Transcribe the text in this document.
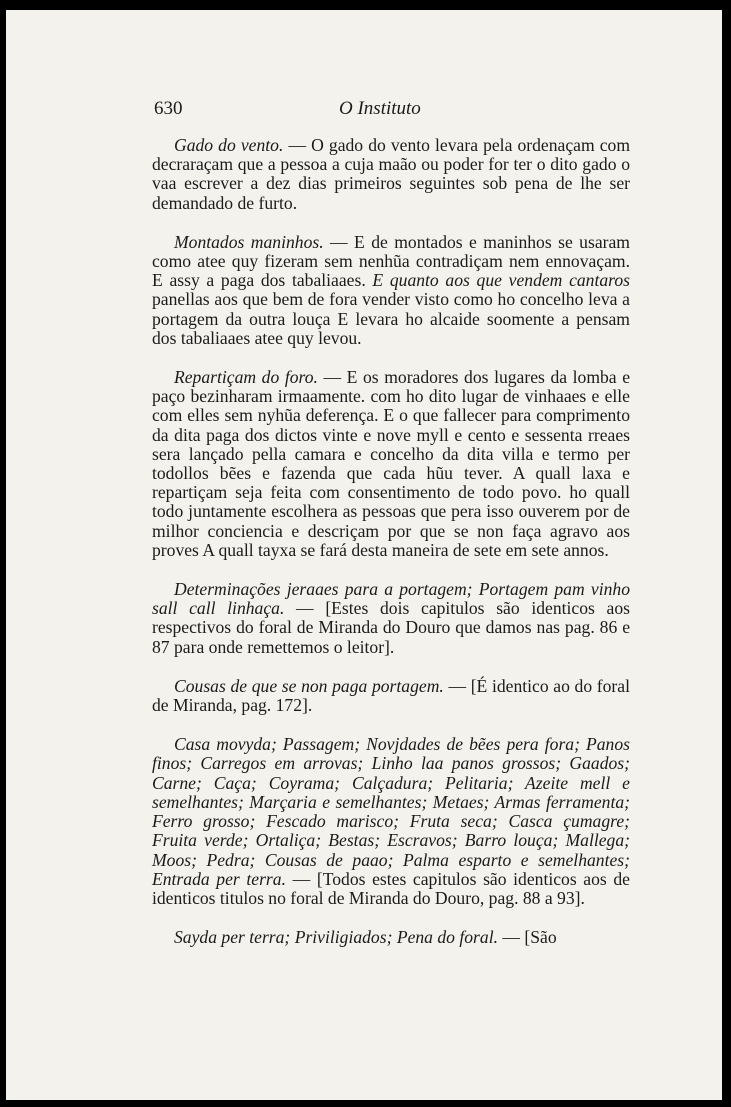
630	O Instituto

Gado do vento. — O gado do vento levara pela ordenaçam com decraraçam que a pessoa a cuja maão ou poder for ter o dito gado o vaa escrever a dez dias primeiros seguintes sob pena de lhe ser demandado de furto.

Montados maninhos. — E de montados e maninhos se usaram como atee quy fizeram sem nenhũa contradiçam nem ennovaçam. E assy a paga dos tabaliaaes. E quanto aos que vendem cantaros panellas aos que bem de fora vender visto como ho concelho leva a portagem da outra louça E levara ho alcaide soomente a pensam dos tabaliaaes atee quy levou.

Repartiçam do foro. — E os moradores dos lugares da lomba e paço bezinharam irmaamente. com ho dito lugar de vinhaaes e elle com elles sem nyhũa deferença. E o que fallecer para comprimento da dita paga dos dictos vinte e nove myll e cento e sessenta rreaes sera lançado pella camara e concelho da dita villa e termo per todollos bẽes e fazenda que cada hũu tever. A quall laxa e repartiçam seja feita com consentimento de todo povo. ho quall todo juntamente escolhera as pessoas que pera isso ouverem por de milhor conciencia e descriçam por que se non faça agravo aos proves A quall tayxa se fará desta maneira de sete em sete annos.

Determinações jeraaes para a portagem; Portagem pam vinho sall call linhaça. — [Estes dois capitulos são identicos aos respectivos do foral de Miranda do Douro que damos nas pag. 86 e 87 para onde remettemos o leitor].

Cousas de que se non paga portagem. — [É identico ao do foral de Miranda, pag. 172].

Casa movyda; Passagem; Novjdades de bẽes pera fora; Panos finos; Carregos em arrovas; Linho laa panos grossos; Gaados; Carne; Caça; Coyrama; Calçadura; Pelitaria; Azeite mell e semelhantes; Marçaria e semelhantes; Metaes; Armas ferramenta; Ferro grosso; Fescado marisco; Fruta seca; Casca çumagre; Fruita verde; Ortaliça; Bestas; Escravos; Barro louça; Mallega; Moos; Pedra; Cousas de paao; Palma esparto e semelhantes; Entrada per terra. — [Todos estes capitulos são identicos aos de identicos titulos no foral de Miranda do Douro, pag. 88 a 93].

Sayda per terra; Priviligiados; Pena do foral. — [São
